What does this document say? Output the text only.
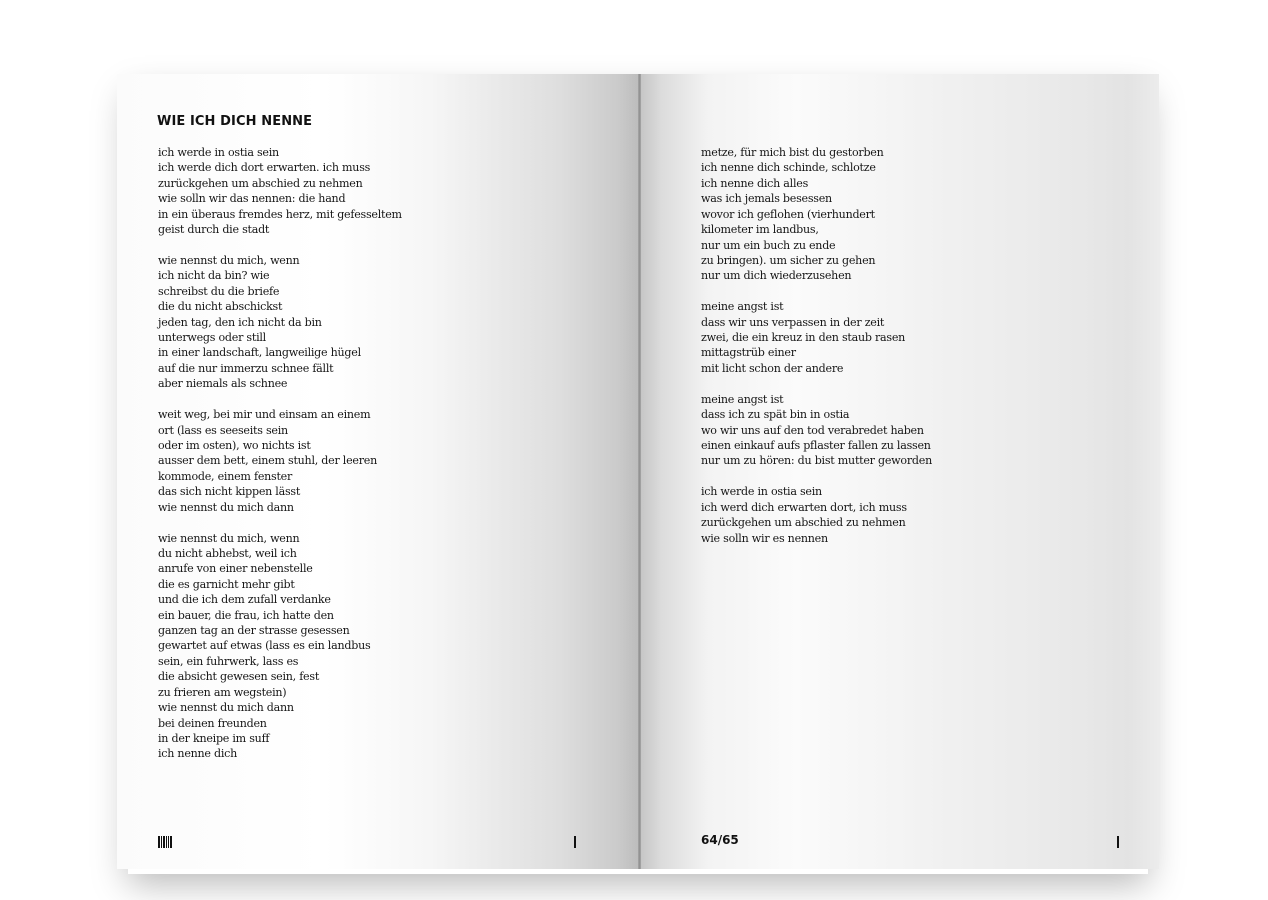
WIE ICH DICH NENNE
ich werde in ostia sein
ich werde dich dort erwarten. ich muss
zurückgehen um abschied zu nehmen
wie solln wir das nennen: die hand
in ein überaus fremdes herz, mit gefesseltem
geist durch die stadt
wie nennst du mich, wenn
ich nicht da bin? wie
schreibst du die briefe
die du nicht abschickst
jeden tag, den ich nicht da bin
unterwegs oder still
in einer landschaft, langweilige hügel
auf die nur immerzu schnee fällt
aber niemals als schnee
weit weg, bei mir und einsam an einem
ort (lass es seeseits sein
oder im osten), wo nichts ist
ausser dem bett, einem stuhl, der leeren
kommode, einem fenster
das sich nicht kippen lässt
wie nennst du mich dann
wie nennst du mich, wenn
du nicht abhebst, weil ich
anrufe von einer nebenstelle
die es garnicht mehr gibt
und die ich dem zufall verdanke
ein bauer, die frau, ich hatte den
ganzen tag an der strasse gesessen
gewartet auf etwas (lass es ein landbus
sein, ein fuhrwerk, lass es
die absicht gewesen sein, fest
zu frieren am wegstein)
wie nennst du mich dann
bei deinen freunden
in der kneipe im suff
ich nenne dich
metze, für mich bist du gestorben
ich nenne dich schinde, schlotze
ich nenne dich alles
was ich jemals besessen
wovor ich geflohen (vierhundert
kilometer im landbus,
nur um ein buch zu ende
zu bringen). um sicher zu gehen
nur um dich wiederzusehen
meine angst ist
dass wir uns verpassen in der zeit
zwei, die ein kreuz in den staub rasen
mittagstrüb einer
mit licht schon der andere
meine angst ist
dass ich zu spät bin in ostia
wo wir uns auf den tod verabredet haben
einen einkauf aufs pflaster fallen zu lassen
nur um zu hören: du bist mutter geworden
ich werde in ostia sein
ich werd dich erwarten dort, ich muss
zurückgehen um abschied zu nehmen
wie solln wir es nennen

64/65
